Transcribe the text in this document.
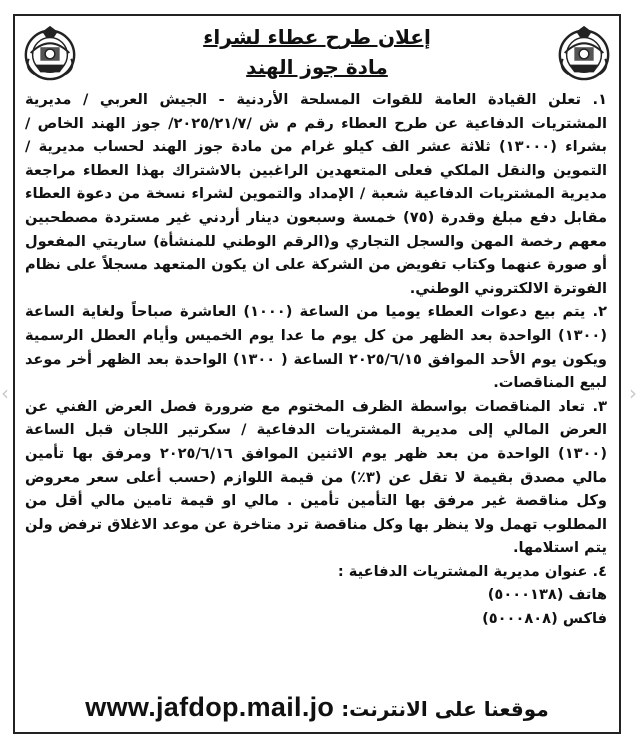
‹	›
إعلان طرح عطاء لشراء
مادة جوز الهند

١. تعلن القيادة العامة للقوات المسلحة الأردنية - الجيش العربي / مديرية المشتريات الدفاعية عن طرح العطاء رقم م ش /٢٠٢٥/٢١/٧/ جوز الهند الخاص / بشراء (١٣٠٠٠) ثلاثة عشر الف كيلو غرام من مادة جوز الهند لحساب مديرية / التموين والنقل الملكي فعلى المتعهدين الراغبين بالاشتراك بهذا العطاء مراجعة مديرية المشتريات الدفاعية شعبة / الإمداد والتموين لشراء نسخة من دعوة العطاء مقابل دفع مبلغ وقدرة (٧٥) خمسة وسبعون دينار أردني غير مستردة مصطحبين معهم رخصة المهن والسجل التجاري و(الرقم الوطني للمنشأة) ساريتي المفعول أو صورة عنهما وكتاب تفويض من الشركة على ان يكون المتعهد مسجلاً على نظام الفوترة الالكتروني الوطني.

٢. يتم بيع دعوات العطاء يوميا من الساعة (١٠٠٠) العاشرة صباحاً ولغاية الساعة (١٣٠٠) الواحدة بعد الظهر من كل يوم ما عدا يوم الخميس وأيام العطل الرسمية ويكون يوم الأحد الموافق ٢٠٢٥/٦/١٥ الساعة ( ١٣٠٠) الواحدة بعد الظهر أخر موعد لبيع المناقصات.

٣. تعاد المناقصات بواسطة الظرف المختوم مع ضرورة فصل العرض الفني عن العرض المالي إلى مديرية المشتريات الدفاعية / سكرتير اللجان قبل الساعة (١٣٠٠) الواحدة من بعد ظهر يوم الاثنين الموافق ٢٠٢٥/٦/١٦ ومرفق بها تأمين مالي مصدق بقيمة لا تقل عن (٣٪) من قيمة اللوازم (حسب أعلى سعر معروض وكل مناقصة غير مرفق بها التأمين تأمين . مالي او قيمة تامين مالي أقل من المطلوب تهمل ولا ينظر بها وكل مناقصة ترد متاخرة عن موعد الاغلاق ترفض ولن يتم استلامها.

٤. عنوان مديرية المشتريات الدفاعية :
هاتف (٥٠٠٠١٣٨)
فاكس (٥٠٠٠٨٠٨)
موقعنا على الانترنت: www.jafdop.mail.jo
